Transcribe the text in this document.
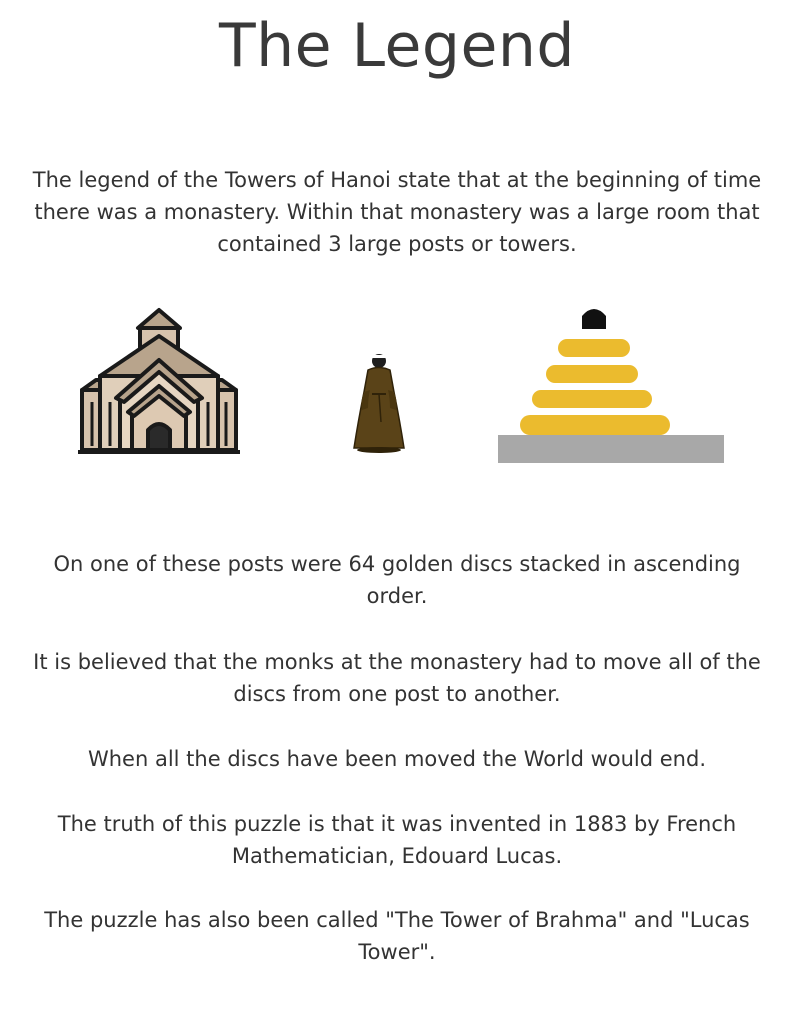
The Legend
The legend of the Towers of Hanoi state that at the beginning of time there was a monastery. Within that monastery was a large room that contained 3 large posts or towers.
On one of these posts were 64 golden discs stacked in ascending order.
It is believed that the monks at the monastery had to move all of the discs from one post to another.
When all the discs have been moved the World would end.
The truth of this puzzle is that it was invented in 1883 by French Mathematician, Edouard Lucas.
The puzzle has also been called "The Tower of Brahma" and "Lucas Tower".
